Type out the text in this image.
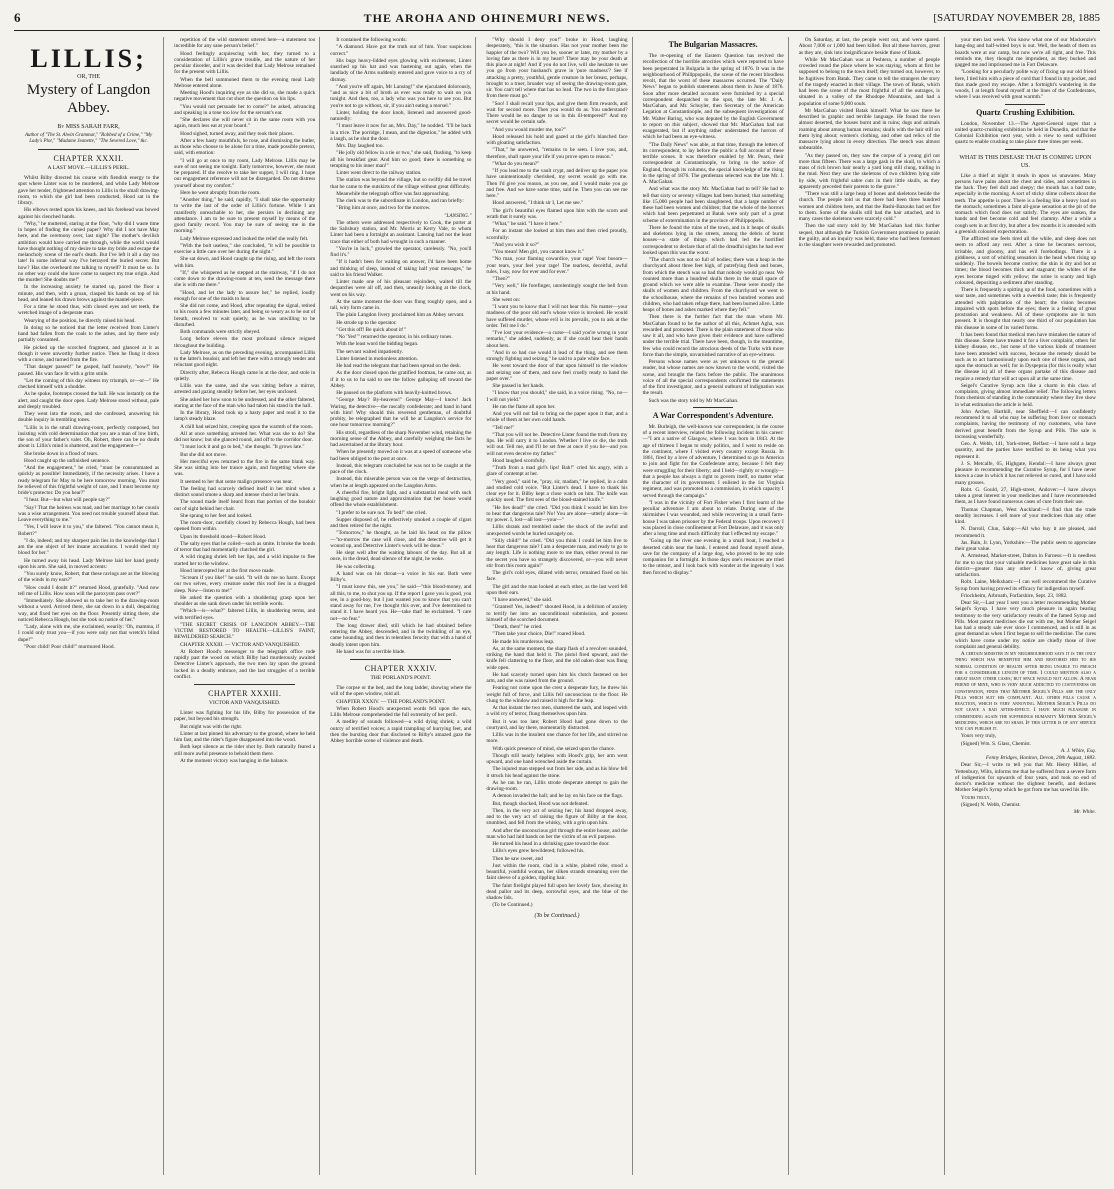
6	THE AROHA AND OHINEMURI NEWS.	[SATURDAY NOVEMBER 28, 1885
LILLIS;
OR, THE
Mystery of Langdon Abbey.
By MISS SARAH FARR,
Author of "The St. Alwin Grammar," "Robbed of a Crime," "My Lady's Plot," "Madame Jeanette," "The Severed Love," &c.
CHAPTER XXXII.
A LAST MOVE.—LILLIS'S PERIL.

Whilst Bilby directed his course with fiendish energy to the spot where Linter was to be murdered, and while Lady Melrose gave her tender, frightened attention to Lillis in the small drawing-room, to which she girl had been conducted, Hood sat in the library.

His elbows rested upon his knees, and his forehead was bowed against his clenched hands.

"Why," he muttered, staring at the floor, "why did I waste time in hopes of finding the cursed paper? Why did I not have May here, and the ceremony over, last night? The mother's devilish ambition would have carried me through, while the world would have thought nothing of my desire to take my bride and escape the melancholy scene of the earl's death. But I've left it all a day too late! In some infernal way I've betrayed the buried secret. But how? Has she overheard me talking to myself? It must be so. In no other way could she have come to suspect my true origin. And the murder! She doubts me!"

In the increasing anxiety he started up, paced the floor a minute, and then, with a groan, clasped his hands on top of his head, and leaned his drawn brows against the mantel-piece.

For a time he stood thus, with closed eyes and set teeth, the wretched image of a desperate man.

Wearying of the position, he directly raised his head.

In doing so he noticed that the letter received from Linter's hand had fallen from the coals to the ashes, and lay there only partially consumed.

He picked up the scorched fragment, and glanced at it as though it were unworthy further notice. Then he flung it down with a curse, and turned from the fire.

"That danger passed!" he gasped, half hoarsely, "now?" He paused. His wan face lit with a grim smile.

"Let the coming of this day witness my triumph, or—or—" He checked himself with a shudder.

As he spoke, footsteps crossed the hall. He was instantly on the alert, and caught the door open. Lady Melrose stood without, pale and deeply troubled.

They went into the room, and she confessed, answering his double inquiry in trembling tones.

"Lillis is in the small drawing-room, perfectly composed, but insisting with cold determination that you are a man of low birth, the son of your father's valet. Oh, Robert, there can be no doubt about it. Lillis's mind is shattered, and the engagement—"

She broke down in a flood of tears.

Hood caught up the unfinished sentence.

"And the engagement," he cried, "must be consummated as quickly as possible! Immediately, if the necessity arises. I have a ready telegram for May to be here tomorrow morning. You must be relieved of this frightful weight of care, and I must become my bride's protector. Do you hear?"

"I hear. But—but what will people say?"

"Say? That the heiress was mad, and her marriage to her cousin was a wise arrangement. You need not trouble yourself about that. Leave everything to me."

"Yes, I will leave it to you," she faltered. "You cannot mean it, Robert?"

"I do, indeed; and my sharpest pain lies in the knowledge that I am the one object of her insane accusations. I would shed my blood for her."

He turned away his head. Lady Melrose laid her hand gently upon his arm. She said, in moved accents:

"You surely know, Robert, that these ravings are as the blowing of the winds in my ears?"

"How could I doubt it?" returned Hood, gratefully. "And now tell me of Lillis. How soon will the paroxysm pass over?"

"Immediately. She allowed us to take her to the drawing-room without a word. Arrived there, she sat down in a dull, despairing way, and fixed her eyes on the floor. Presently sitting there, she noticed Rebecca Hough, but she took no notice of her."

"Lady, alone with me, she exclaimed, wearily: 'Oh, mamma, if I could only trust you—if you were only not that wretch's blind dupe!'"

"Poor child! Poor child!" murmured Hood.

repetition of the wild statement uttered here—a statement too incredible for any sane person's belief."

Hood feelingly acquiescing with her, they turned to a consideration of Lillis's grave trouble, and the nature of her peculiar disorder, and it was decided that Lady Melrose remained for the present with Lillis.

When the bell summoned them to the evening meal Lady Melrose entered alone.

Meeting Hood's inquiring eye as she did so, she made a quick negative movement that cut short the question on his lips.

"You would not persuade her to come?" he asked, advancing and speaking in a tone too low for the servant's ear.

"She declares she will never sit in the same room with you again, much less eat at your board."

Hood sighed, turned away, and they took their places.

After a few hasty mouthfuls, he rose, and dismissing the butler, as those who choose to be alone for a time, made possible pretext, said, with emotion:

"I will go at once to my room, Lady Melrose. Lillis may be sure of not seeing me tonight. Early tomorrow, however, she must be prepared. If she resolve to take her supper, I will ring. I hope our engagement reference will not be disregarded. Do not distress yourself about my comfort."

Here he went abruptly from the room.

"Another thing," he said, rapidly, "I shall take the opportunity to write the last of the order of Lillis's fortune. While I am manifestly unreachable to her, she persists in declining any attendance. I am to be sure to present myself by means of the good family record. You may be sure of seeing me in the morning."

Lady Melrose expressed and looked the relief she really felt.

"With the bolt useless," she concluded, "it will be possible to exercise a little care over her during the night."

She sat down, and Hood caught up the rising, and left the room with him.

"If," she whispered as he stepped at the stairway, "if I do not come down to the drawing-room at ten, send the message there she is with me there."

"Hood, and let the lady to assure her," he replied, loudly enough for one of the maids to hear.

She did not come, and Hood, after repeating the signal, retired to his room a few minutes later, and being so weary as to be out of breath, resolved to wait quietly, as he was unwilling to be disturbed.

Both commands were strictly obeyed.

Long before eleven the most profound silence reigned throughout the building.

Lady Melrose, as on the preceding evening, accompanied Lillis to the latter's boudoir, and left her there with a strongly tender and reluctant good night.

Directly after, Rebecca Hough came in at the door, and stole in quietly.

Lillis was the same, and she was sitting before a mirror, arrested and gazing steadily before her, her eyes unclosed.

She asked her how soon to be undressed, and the other faltered, staring at the face of the man who had taken his stand in the hall.

In the library, Hood took up a hasty paper and read it to the lamp's steady blaze.

A chill had seized him, creeping upon the warmth of the room.

All at once something arrested her. What was she to do? She did not know; but she glanced round, and off to the corridor door.

"I must lock it and go to bed," she thought. "It grows late."

But she did not move.

Her merciful eyes returned to the fire in the same blank way. She was sitting into her trance again, and forgetting where she was.

It seemed to her that some malign presence was near.

The feeling had scarcely defined itself in her mind when a distinct sound smote a sharp and intense chord at her brain.

The sound made itself heard from that portion of the boudoir out of sight behind her chair.

She sprang to her feet and looked.

The room-door, carefully closed by Rebecca Hough, had been opened from within.

Upon its threshold stood—Robert Hood.

The salty eyes that he coiled—such as smite. It broke the bonds of terror that had momentarily clutched the girl.

A wild ringing shriek left her lips, and a wild impulse to flee started her to the window.

Hood intercepted her at the first move made.

"Scream if you like!" he said. "It will do me no harm. Except our two selves, every creature under this roof lies in a drugged sleep. Now—listen to me!"

He asked the question with a shuddering grasp upon her shoulder as she sank down under his terrible words.

"Which—is—what?" faltered Lillis, in shuddering terms, and with terrified eyes.

"THE SECRET CRISIS OF LANGDON ABBEY.—THE VICTIM RESTORED TO HEALTH.—LILLIS'S FAINT, BEWILDERED SEARCH."

CHAPTER XXXIII. — VICTOR AND VANQUISHED.

At Robert Hood's messenger to the telegraph office rode rapidly past the wood on which Bilby had murderously awaited Detective Linter's approach, the two men lay upon the ground locked in a deadly embrace, and the last struggles of a terrible conflict.

CHAPTER XXXIII.
VICTOR AND VANQUISHED.

Linter was fighting for his life, Bilby for possession of the paper, but beyond his strength.

But might was with the right.

Linter at last pinned his adversary to the ground, where he held him fast, and the rider's figure disappeared into the wood.

Both kept silence as the rider shot by. Both naturally feared a still more awful presence to behold them there.

At the moment victory was hanging in the balance.

It contained the following words:

"A diamond. Have got the truth out of him. Your suspicions correct."

His bugs heavy-lidded eyes glowing with excitement, Linter snatched up his hat and was hastening out again, when the landlady of the Arms suddenly entered and gave voice to a cry of dismay.

"And you're off again, Mr Lansing!" she ejaculated dolorously, "and as nice a bit of broth as ever was ready to wait on you tonight. And then, too, a lady who was you here to see you. But you're not to go without, sir, if you ain't eating a morsel."

Linter, holding the door knob, listened and answered good-naturedly:

"I must leave it now for an, Mrs. Day," he nodded. "I'll be back in a trice. The porridge, I mean, and the digestion," he added with a laugh, as he shut the door.

Mrs. Day laughed too.

"He jolly old fellow in a tie or two," she said, flushing, "to keep all his breakfast gear. And him so good; there is something so tempting to his inner man!"

Linter went direct to the railway station.

The station was beyond the village, but so swiftly did he travel that he came to the outskirts of the village without great difficulty.

Meanwhile the telegraph office was fast approaching.

The clerk was to the subordinate in London, and ran briefly:

"Bring him at once, and two for the morrow.

"LANSING."

The others were addressed respectively to Cook, the porter at the Salisbury station, and Mr. Morris at Kerry Vale, to whom Linter had been a fortnight an assistant. Lansing had not the least trace that either of both had wrought in such a manner.

"You're in luck," growled the operator, carelessly. "No, you'll find it's."

"If it hadn't been for waiting on answer, I'd have been home and thinking of sleep, instead of taking half your messages," he said to his friend Walker.

Linter made one of his pleasant rejoinders, waited till the despatches were all off, and then, uneasily looking at the clock, went on his way.

At the same moment the door was flung roughly open, and a tall, wiry form came in.

The plain Langdon livery proclaimed him an Abbey servant.

He strode up to the operator.

"Get this off! Be quick about it!"

"No 'Yes!'" returned the operator, in his ordinary tones.

With the least word the bidding began.

The servant waited impatiently.

Linter listened in motionless attention.

He had read the telegram that had been spread on the desk.

As the door closed upon the gratified footman, he came out, as if it to us to ha said to see the follow galloping off toward the Abbey.

He paused on the platform with heavily-knitted brows.

"George May? By-heavens!" George May—I know! Jack Waring, the detective—the rascally confederate; and hand in hand with him! Why should this reverend gentleman, of doubtful probity, be telegraphed that he will be at Langdon's service for one hour tomorrow morning?"

His stroll, regardless of the sharp November wind, retaining the morning sense of the Abbey, and carefully weighing the facts he had ascertained at the library hour.

When he presently moved on it was at a speed of someone who had been obliged to the post at once.

Instead, this telegram concluded he was not to be caught at the pace of the clock.

Instead, this miserable person was on the verge of destruction, when he at length appeared on the Langdon Arms.

A cheerful fire, bright light, and a substantial meal with such laughing good nature and approximation that her house would offend the whole establishment.

"I prefer to be sure not. To bed!" she cried.

Supper disposed of, he reflectively smoked a couple of cigars and then retired for the night.

"Tomorrow," he thought, as he laid his head on the pillow—"to-morrow the case will close, and the detective will get it wound up, and Detective Linter's work will be done."

He slept well after the waiting labours of the day. But all at once, in the dread, dead silence of the night, he woke.

He was collecting.

A hand was on his throat—a voice in his ear. Both were Bilby's.

"I must know this, see you," he said—"this blood-money, and all this, to me, to shut you up. If the report I gave you is good, you see, in a good-boy, but I just wanted you to know that you can't stand away for me, I've thought this over, and I've determined to stand it. I have heard you. He—take that! he exclaimed. "I care not—no fear."

The long drawer died, still which he had obtained before entering the Abbey, descended, and in the twinkling of an eye, came hounding, and then in relentless ferocity that with a hand of deadly intent upon him.

He hand was for a terrible blade.

CHAPTER XXXIV.
THE PORLAND'S POINT.

The corpse or the bed, and the long ladder, showing where the will of the open window, told all.

CHAPTER XXXIV. — THE PORLAND'S POINT.

When Robert Hood's unexpected words fell upon the ears, Lillis Melrose comprehended the full extremity of her peril.

A medley of sounds followed—a wild dying shriek; a wild outcry of terrified voices; a rapid trampling of hurrying feet, and then the bursting door that disclosed to Bilby's amazed gaze the Abbey horrible scene of violence and death.

"Why should I deny you!" broke in Hood, laughing desperately, "this is the situation. Has not your mother been the happier of the two? Will you be, sooner or later, my mother by a loving fate as there is in my heart? There may be your death at this place at night! And if you do not live, will she hesitate to see you go from your husband's grave in 'pure madness'? See if attacking a pretty, youthful, gentle creature in her breast, perhaps, brought to a truer, broader way of seeing the drawing-room gate, sir. You can't tell where that has no lead. The two in the first place from there must go."

"Soo! I shall recall your lips, and give them firm rewards, and wait for second more. Then you would do as. You understand? There would be no danger to us in this ill-tempered!" And my secret would be certain safe.

"And you would murder me, too?"

Hood released his hold and gazed at the girl's blanched face with gloating satisfaction.

"That," he answered, "remains to be seen. I love you, and, therefore, shall spare your life if you prove open to reason."

"What do you mean?"

"If you lead me to the vault crypt, and deliver up the paper you have unintentionally cherished, my secret would go with me. Then I'd give you reason, as you see, and I would make you go and free. And we have some time, said he. Then you can see me here."

Hood answered, "I think sir I, Let me see."

The girl's beautiful eyes flamed upon him with the scorn and wrath that it surely was.

"What," he said. "I have it here."

For an instant she looked at him then and then cried proudly, scornfully:

"And you wish it so?"

"You mean! Men girl, you cannot know it."

"No man, your flaming cowardice, your rage! Your bosom—your tears, your feel your rage! The tearless, deceitful, awful rules, I say, now for ever and for ever."

"Then?"

"Very well," He forefinger, unrelentingly sought the bell from at his hand.

She went on:

"I want you to know that I will not hear this. No matter—your madness of the poor old earl's whose voice is invoked. He would have suffered murder, whose evil is its prevails, you to ask at the order. Tell me I do."

"I've lost your evidence—a curse—I said you're wrong in your remarks," she added, suddenly, as if she could hear their hands about hers.

"And in so bad cue would it lead of the thing, and see them strongly fighting and seizing," he said to a pale white face.

He went toward the door of that upon himself to the window and seizing one of them, and now feel cruelly ready to hand the paper over."

She passed in her hands.

"I know that you should," she said, in a voice rising. "No, no—I will not yield."

He ran the flame all upon her.

And you will not fail to bring on the paper upon it that, and a whole of them at her own cold hands.

"Tell me!"

"That you will not be. Detective Linter found the truth from my lips. He will carry it to London. Whether I live or die, the truth will out. Tell me, and I'll be set free at once if you lie—and you will not even deceive my father."

Hood laughed scornfully.

"Truth from a mad girl's lips! Bah!" cried his angry, with a glare of contempt at her.

"Very good," said he, "pray, sir, madam," he replied, in a calm and studied cold voice. "But Linter's dead. I have to thank his clear eye for it. Bilby kept a close watch on him. The knife was quickly used. The first sees of the blood-stained knife."

"He lies dead!" she cried. "Did you think I would let him live to hear that dangerous tale? No! You are alone—utterly alone—in my power. I, lost—all lost—your—"

Lillis shrank and trembled under the shock of the awful and unexpected words he hurled savagely on.

"Silly child!" he cried. "Did you think I could let him live to hear that dangerous tale? I am a desperate man, and ready to go to any length. Life is nothing more to me than, either reveal to me the secret you have so strangely discovered, or—you will never stir from this room again!"

The girl's cold eyes, dilated with terror, remained fixed on his face.

The girl and the man looked at each other, as the last word fell upon their ears.

"I have answered," she said.

"Granted! Yes, indeed!" shouted Hood, in a delirium of anxiety to terrify her into an unconditional submission, and possess himself of the scorched document.

"Death, then!" he cried.

"Then take your choice, Die!" roared Hood.

He made his murderous leap.

As, at the same moment, the sharp flash of a revolver sounded, striking the hand that held it. The pistol fired upward, and the knife fell clattering to the floor, and the old oaken door was flung wide open.

He had scarcely turned upon him his clutch fastened on her arm, and she was raised from the ground.

Fearing not come upon the crest a desperate fury, he threw his weight full of force, and Lillis fell unconscious to the floor. He clung to the window and raised it high for the leap.

At that instant the two men, shattered the sash, and leaped with a wild cry of terror, flung themselves upon him.

But it was too late; Robert Hood had gone down to the courtyard, and lay there, momentarily distracted.

Lillis was in the insolent one chance for her life, and stirred no more.

With quick presence of mind, she seized upon the chance.

Though still nearly helpless with Hood's grip, her arm went upward, and one hand wrenched aside the curtain.

The injured man stepped out from her side, and as his blow fell it struck his head against the stone.

As he ran he ran, Lillis strode desperate attempt to gain the drawing-room.

A demon invaded the hall; and he lay on his face on the flags.

But, though shocked, Hood was not defeated.

Then, in the very act of seizing her, his hand dropped away, and to the very act of raising the figure of Bilby at the door, stumbled, and fell from the whisky, with a grin upon him.

And after the unconscious girl through the entire house, and the man who had laid hands on her the victim of an evil purpose.

He turned his head in a shrinking gaze toward the door.

Lillis's eyes grew bewildered; followed his.

Then he saw sweet, and

Just within the room, clad in a white, plaited robe, stood a beautiful, youthful woman, her silken strands streaming over the faint sleeve of a golden, rippling hair.

The faint firelight played full upon her lovely face, showing its dead pallor and its deep, sorrowful eyes, and the blue of the shadow lids.

(To be Continued.)

(To be Continued.)
The Bulgarian Massacres.

The re-opening of the Eastern Question has revived the recollection of the horrible atrocities which were reported to have been perpetrated in Bulgaria in the spring of 1876. It was in the neighbourhood of Philippopolis, the scene of the recent bloodless revolt, that the worst of these massacres occurred. The "Daily News" began to publish statements about them in June of 1876. Soon after more detailed accounts were furnished by a special correspondent despatched to the spot, the late Mr. J. A. MacGahan, and Mr. Schuyler, then Secretary of the American Legation at Constantinople, and the subsequent investigations of Mr. Walter Baring, who was deputed by the English Government to report on this subject, showed that Mr. MacGahan had not exaggerated, but if anything rather understated the horrors of which he had been an eye-witness.

"The Daily News" was able, at that time, through the letters of its correspondent, to lay before the public a full account of these terrible scenes. It was therefore enabled by Mr. Pears, their correspondent at Constantinople, to bring to the notice of England, through its columns, the special knowledge of the rising in the spring of 1876. The gentleman selected was the late Mr. J. A. MacGahan.

And what was the story Mr. MacGahan had to tell? He had to tell that sixty or seventy villages had been burned; that something like 15,000 people had been slaughtered, that a large number of these had been women and children; that the whole of the horrors which had been perpetrated at Batak were only part of a great scheme of extermination in the province of Philippopolis.

There he found the ruins of the town, and in it heaps of skulls and skeletons lying in the streets, among the debris of burnt houses—a state of things which had led the horrified correspondent to declare that of all the dreadful sights he had ever looked upon this was the worst.

"The church was not so full of bodies; there was a heap in the churchyard about three feet high, of putrefying flesh and bones, from which the stench was so bad that nobody would go near. We counted more than a hundred skulls there in the small space of ground which we were able to examine. These were mostly the skulls of women and children. From the churchyard we went to the schoolhouse, where the remains of two hundred women and children, who had taken refuge there, had been burned alive. Little heaps of bones and ashes marked where they fell."

Then there is the further fact that the man whom Mr. MacGahan found to be the author of all this, Achmet Agha, was rewarded and promoted. There is the plain statement of those who saw it all, and who have given their evidence and have suffered under the terrible trial. There have been, though, in the meantime, few who could record the atrocious deeds of the Turks with more force than the simple, unvarnished narrative of an eye-witness.

Persons whose names were as yet unknown to the general reader, but whose names are now known to the world, visited the scene, and brought the facts before the public. The unanimous voice of all the special correspondents confirmed the statements of the first investigator, and a general outburst of indignation was the result.

Such was the story told by Mr MacGahan.

A War Correspondent's Adventure.

Mr. Burleigh, the well-known war correspondent, in the course of a recent interview, related the following incident in his career:—"I am a native of Glasgow, where I was born in 1843. At the age of thirteen I began to study politics, and I went to reside on the continent, where I visited every country except Russia. In 1861, fired by a love of adventure, I determined to go to America to join and fight for the Confederate army, because I felt they were struggling for their liberty; and I held—rightly or wrongly—that a people has always a right to govern itself, no matter what the character of its government. I enlisted in the 1st Virginia regiment, and was promoted to a commission, in which capacity I served through the campaign."

"I was in the vicinity of Fort Fisher when I first learnt of the peculiar adventure I am about to relate. During one of the skirmishes I was wounded, and while recovering in a small farm-house I was taken prisoner by the Federal troops. Upon recovery I was placed in close confinement at Fort Delaware, and it was only after a long time and much difficulty that I effected my escape."

"Going up the river one evening in a small boat, I reached a deserted cabin near the bank. I entered and found myself alone, save for the company of a large dog, who proved to be my sole companion for a fortnight. In those days one's resources are tried to the utmost, and I look back with wonder at the ingenuity I was then forced to display."

On Saturday, at last, the people went out, and were spared. About 7,000 or 1,000 had been killed. But all these horrors, great as they are, sink into insignificance beside those of Batak.

While Mr MacGahan was at Peshtera, a number of people crowded round the place where he was staying, whom at first he supposed to belong to the town itself; they turned out, however, to be fugitives from Batak. They came to tell the strangers the story of the tragedy enacted in their village. The town of Batak, which had been the scene of the most frightful of all the outrages, is situated in a valley of the Rhodope Mountains, and had a population of some 9,000 souls.

Mr MacGahan visited Batak himself. What he saw there he described in graphic and terrible language. He found the town almost deserted, the houses burnt and in ruins; dogs and animals roaming about among human remains; skulls with the hair still on them lying about; women's clothing, and other sad relics of the massacre lying about in every direction. The stench was almost unbearable.

"As they passed on, they saw the corpse of a young girl not more than fifteen. There was a large gash in the skull, to which a mass of rich brown hair nearly a yard long still clung, trailing in the mud. Next they saw the skeletons of two children lying side by side, with frightful sabre cuts in their little skulls, as they apparently preceded their parents to the grave."

"There was still a large heap of bones and skeletons beside the church. The people told us that there had been three hundred women and children here, and that the Bashi-Bazouks had set fire to them. Some of the skulls still had the hair attached, and in many cases the skeletons were scarcely cold."

Then the sad story told by Mr MacGahan had this further sequel, that although the Turkish Government promised to punish the guilty, and an inquiry was held, those who had been foremost in the slaughter were rewarded and promoted.

your men last week. You know what one of our Mackenzie's hang-dog and half-witted boys is out. Well, the heads of them on boards were at our camp, but now we're all right, and free. This reminds me, they thought me imprudent, as they bucked and gagged me and imprisoned me in Fort Delaware.

"Looking for a peculiarly polite way of fixing up our old friend here, I tied him with a piece of cord that I found in my pocket, and thus made good my escape. After a fortnight's wandering in the woods, I at length found myself at the lines of the Confederates, where I was received with great warmth."

Quartz Crushing Exhibition.

London, November 13.—The Agent-General urges that a united quartz-crushing exhibition be held in Dunedin, and that the Colonial Exhibition next year, with a view to send sufficient quartz to enable crushing to take place three times per week.

WHAT IS THIS DISEASE THAT IS COMING UPON US.

Like a thief at night it steals in upon us unawares. Many persons have pains about the chest and sides, and sometimes in the back. They feel dull and sleepy; the mouth has a bad taste, especially in the morning. A sort of sticky slime collects about the teeth. The appetite is poor. There is a feeling like a heavy load on the stomach; sometimes a faint all-gone sensation at the pit of the stomach which food does not satisfy. The eyes are sunken, the hands and feet become cold and feel clammy. After a while a cough sets in at first dry, but after a few months it is attended with a greenish coloured expectoration.

The afflicted one feels tired all the while, and sleep does not seem to afford any rest. After a time he becomes nervous, irritable, and gloomy, and has evil forebodings. There is a giddiness, a sort of whirling sensation in the head when rising up suddenly. The bowels become costive; the skin is dry and hot at times; the blood becomes thick and stagnant; the whites of the eyes become tinged with yellow; the urine is scanty and high coloured, depositing a sediment after standing.

There is frequently a spitting up of the food, sometimes with a sour taste, and sometimes with a sweetish taste; this is frequently attended with palpitation of the heart; the vision becomes impaired with spots before the eyes; there is a feeling of great prostration and weakness. All of these symptoms are in turn present. It is thought that nearly one third of our population has this disease in some of its varied forms.

It has been found that medical men have mistaken the nature of this disease. Some have treated it for a liver complaint, others for kidney disease, etc., but none of the various kinds of treatment have been attended with success, because the remedy should be such as to act harmoniously upon each one of these organs, and upon the stomach as well; for in Dyspepsia (for this is really what the disease is) all of these organs partake of this disease and require a remedy that will act upon all at the same time.

Seigel's Curative Syrup acts like a charm in this class of complaints, giving almost immediate relief. The following letters from chemists of standing in the community where they live show in what estimation the article is held.

John Archer, Harthill, near Sheffield:—I can confidently recommend it to all who may be suffering from liver or stomach complaints, having the testimony of my customers, who have derived great benefit from the Syrup and Pills. The sale is increasing wonderfully.

Geo. A. Webb, 141, York-street, Belfast:—I have sold a large quantity, and the parties have testified to its being what you represent it.

J. S. Metcalfe, 65, Highgate, Kendal:—I have always great pleasure in recommending the Curative Syrup, for I have never known a case in which it has not relieved or cured, and I have sold many grosses.

Robt. G. Gould, 27, High-street, Andover:—I have always taken a great interest in your medicines and I have recommended them, as I have found numerous cases of cure from their use.

Thomas Chapman, West Auckland:—I find that the trade steadily increases. I sell more of your medicines than any other kind.

N. Darroll, Clun, Salop:—All who buy it are pleased, and recommend it.

Jas. Bain, Jr. Lynn, Yorkshire:—The public seem to appreciate their great value.

A. Armstead, Market-street, Dalton in Furness:—It is needless for me to say that your valuable medicines have great sale in this district—greater than any other I know of, giving great satisfaction.

Robt. Laine, Melksham:—I can well recommend the Curative Syrup from having proved its efficacy for indigestion myself.

Friockheim, Arbroath, Forfarshire, Sept. 23, 1882.

Dear Sir,—Last year I sent you a letter recommending Mother Seigel's Syrup. I have very much pleasure in again bearing testimony to the very satisfactory results of the famed Syrup and Pills. Most patent medicines die out with me, but Mother Seigel has had a steady sale ever since I commenced, and is still in as great demand as when I first began to sell the medicine. The cures which have come under my notice are chiefly those of liver complaint and general debility.

A certain minister in my neighbourhood says it is the only thing which has benefited him and restored him to his normal condition of health after being unable to preach for a considerable length of time. I could mention also a great many other cases; but space would not allow. A near friend of mine, who is very much addicted to costiveness or constipation, finds that Mother Seigel's Pills are the only Pills which suit his complaint. All other pills cause a reaction, which is very annoying. Mother Seigel's Pills do not leave a bad after-effect. I have much pleasure in commending again the sufferings humanity Mother Seigel's medicines, which are no sham. If this letter is of any service you can publish it.

Yours very truly,

(Signed) Wm. S. Glass, Chemist.

A. J. White, Esq.

Fenny Bridges, Honiton, Devon, 20th August, 1883.

Dear Sir,—I write to tell you that Mr. Henry Hillier, of Yettenbury, Wilts, informs me that he suffered from a severe form of indigestion for upwards of four years, and took no end of doctor's medicine without the slightest benefit, and declares Mother Seigel's Syrup which he got from me has saved his life.

Yours truly,

(Signed) N. Webb, Chemist.

Mr. White.
